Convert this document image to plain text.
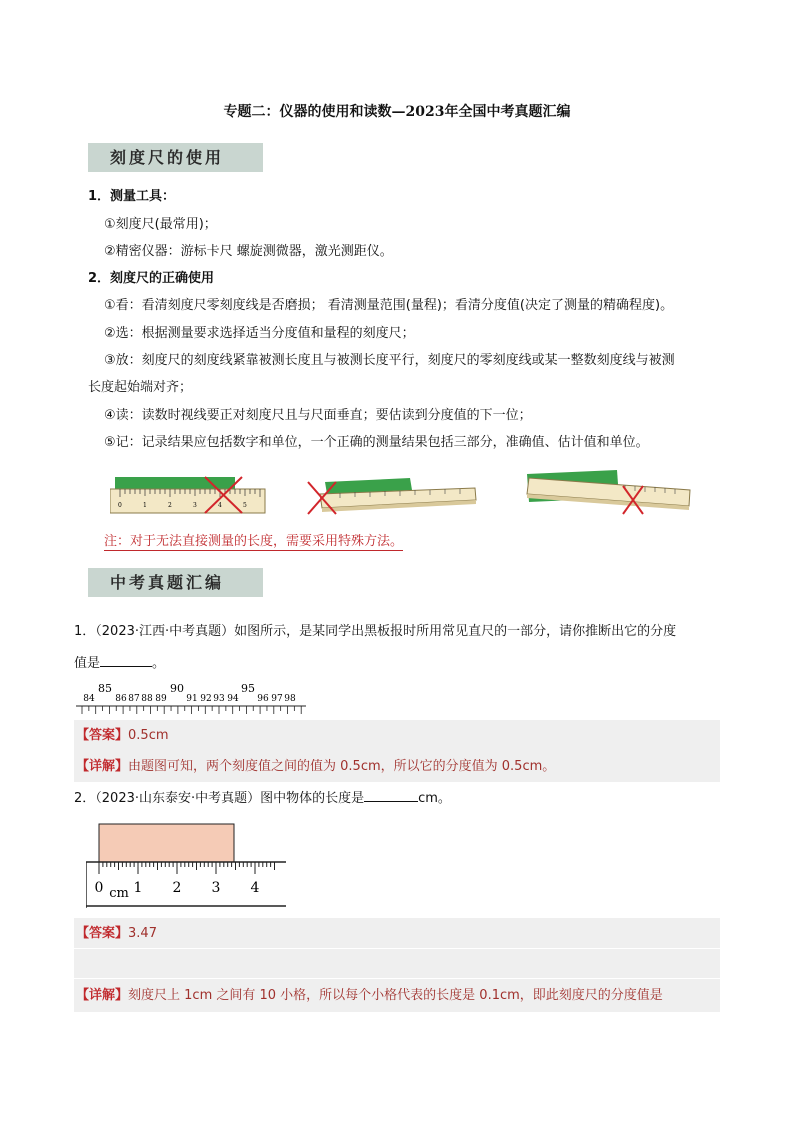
专题二：仪器的使用和读数—2023年全国中考真题汇编
刻度尺的使用
1．测量工具：
①刻度尺(最常用)；
②精密仪器：游标卡尺 螺旋测微器，激光测距仪。
2．刻度尺的正确使用
①看：看清刻度尺零刻度线是否磨损； 看清测量范围(量程)；看清分度值(决定了测量的精确程度)。
②选：根据测量要求选择适当分度值和量程的刻度尺；
③放：刻度尺的刻度线紧靠被测长度且与被测长度平行，刻度尺的零刻度线或某一整数刻度线与被测
长度起始端对齐；
④读：读数时视线要正对刻度尺且与尺面垂直；要估读到分度值的下一位；
⑤记：记录结果应包括数字和单位，一个正确的测量结果包括三部分，准确值、估计值和单位。
0	1	2	3	4	5
注：对于无法直接测量的长度，需要采用特殊方法。
中考真题汇编
1．（2023·江西·中考真题）如图所示，是某同学出黑板报时所用常见直尺的一部分，请你推断出它的分度
值是	。
84 86 87 88 89 91 92 93 94 96 97 98
85	90	95
【答案】0.5cm
【详解】由题图可知，两个刻度值之间的值为 0.5cm，所以它的分度值为 0.5cm。
2．（2023·山东泰安·中考真题）图中物体的长度是	cm。
0 cm 1 2 3 4
【答案】3.47
【详解】刻度尺上 1cm 之间有 10 小格，所以每个小格代表的长度是 0.1cm，即此刻度尺的分度值是
